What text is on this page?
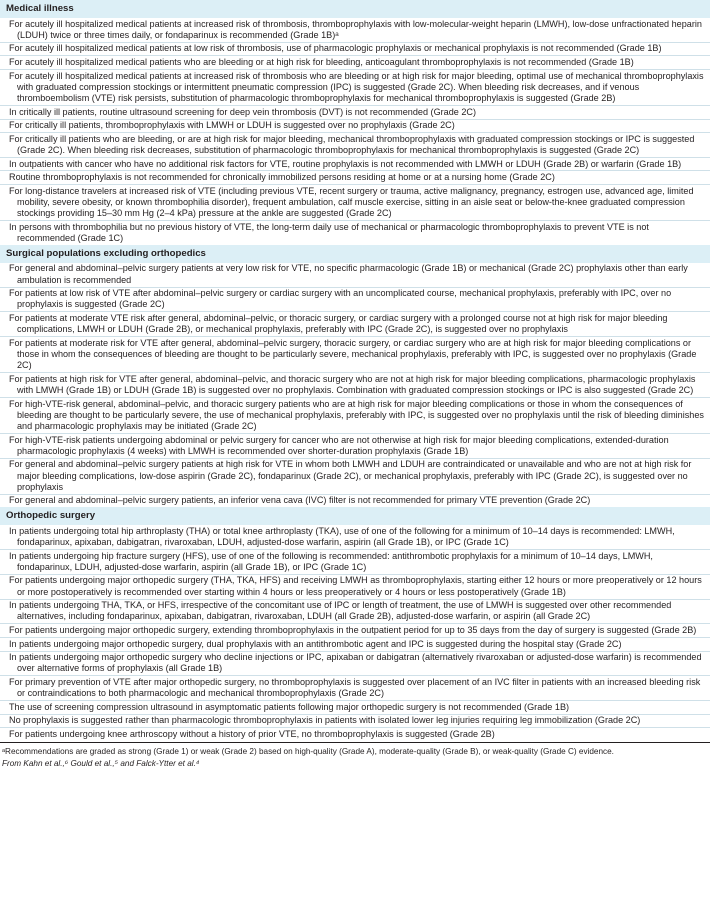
Medical illness
For acutely ill hospitalized medical patients at increased risk of thrombosis, thromboprophylaxis with low-molecular-weight heparin (LMWH), low-dose unfractionated heparin (LDUH) twice or three times daily, or fondaparinux is recommended (Grade 1B)ᵃ
For acutely ill hospitalized medical patients at low risk of thrombosis, use of pharmacologic prophylaxis or mechanical prophylaxis is not recommended (Grade 1B)
For acutely ill hospitalized medical patients who are bleeding or at high risk for bleeding, anticoagulant thromboprophylaxis is not recommended (Grade 1B)
For acutely ill hospitalized medical patients at increased risk of thrombosis who are bleeding or at high risk for major bleeding, optimal use of mechanical thromboprophylaxis with graduated compression stockings or intermittent pneumatic compression (IPC) is suggested (Grade 2C). When bleeding risk decreases, and if venous thromboembolism (VTE) risk persists, substitution of pharmacologic thromboprophylaxis for mechanical thromboprophylaxis is suggested (Grade 2B)
In critically ill patients, routine ultrasound screening for deep vein thrombosis (DVT) is not recommended (Grade 2C)
For critically ill patients, thromboprophylaxis with LMWH or LDUH is suggested over no prophylaxis (Grade 2C)
For critically ill patients who are bleeding, or are at high risk for major bleeding, mechanical thromboprophylaxis with graduated compression stockings or IPC is suggested (Grade 2C). When bleeding risk decreases, substitution of pharmacologic thromboprophylaxis for mechanical thromboprophylaxis is suggested (Grade 2C)
In outpatients with cancer who have no additional risk factors for VTE, routine prophylaxis is not recommended with LMWH or LDUH (Grade 2B) or warfarin (Grade 1B)
Routine thromboprophylaxis is not recommended for chronically immobilized persons residing at home or at a nursing home (Grade 2C)
For long-distance travelers at increased risk of VTE (including previous VTE, recent surgery or trauma, active malignancy, pregnancy, estrogen use, advanced age, limited mobility, severe obesity, or known thrombophilia disorder), frequent ambulation, calf muscle exercise, sitting in an aisle seat or below-the-knee graduated compression stockings providing 15–30 mm Hg (2–4 kPa) pressure at the ankle are suggested (Grade 2C)
In persons with thrombophilia but no previous history of VTE, the long-term daily use of mechanical or pharmacologic thromboprophylaxis to prevent VTE is not recommended (Grade 1C)
Surgical populations excluding orthopedics
For general and abdominal–pelvic surgery patients at very low risk for VTE, no specific pharmacologic (Grade 1B) or mechanical (Grade 2C) prophylaxis other than early ambulation is recommended
For patients at low risk of VTE after abdominal–pelvic surgery or cardiac surgery with an uncomplicated course, mechanical prophylaxis, preferably with IPC, over no prophylaxis is suggested (Grade 2C)
For patients at moderate VTE risk after general, abdominal–pelvic, or thoracic surgery, or cardiac surgery with a prolonged course not at high risk for major bleeding complications, LMWH or LDUH (Grade 2B), or mechanical prophylaxis, preferably with IPC (Grade 2C), is suggested over no prophylaxis
For patients at moderate risk for VTE after general, abdominal–pelvic surgery, thoracic surgery, or cardiac surgery who are at high risk for major bleeding complications or those in whom the consequences of bleeding are thought to be particularly severe, mechanical prophylaxis, preferably with IPC, is suggested over no prophylaxis (Grade 2C)
For patients at high risk for VTE after general, abdominal–pelvic, and thoracic surgery who are not at high risk for major bleeding complications, pharmacologic prophylaxis with LMWH (Grade 1B) or LDUH (Grade 1B) is suggested over no prophylaxis. Combination with graduated compression stockings or IPC is also suggested (Grade 2C)
For high-VTE-risk general, abdominal–pelvic, and thoracic surgery patients who are at high risk for major bleeding complications or those in whom the consequences of bleeding are thought to be particularly severe, the use of mechanical prophylaxis, preferably with IPC, is suggested over no prophylaxis until the risk of bleeding diminishes and pharmacologic prophylaxis may be initiated (Grade 2C)
For high-VTE-risk patients undergoing abdominal or pelvic surgery for cancer who are not otherwise at high risk for major bleeding complications, extended-duration pharmacologic prophylaxis (4 weeks) with LMWH is recommended over shorter-duration prophylaxis (Grade 1B)
For general and abdominal–pelvic surgery patients at high risk for VTE in whom both LMWH and LDUH are contraindicated or unavailable and who are not at high risk for major bleeding complications, low-dose aspirin (Grade 2C), fondaparinux (Grade 2C), or mechanical prophylaxis, preferably with IPC (Grade 2C), is suggested over no prophylaxis
For general and abdominal–pelvic surgery patients, an inferior vena cava (IVC) filter is not recommended for primary VTE prevention (Grade 2C)
Orthopedic surgery
In patients undergoing total hip arthroplasty (THA) or total knee arthroplasty (TKA), use of one of the following for a minimum of 10–14 days is recommended: LMWH, fondaparinux, apixaban, dabigatran, rivaroxaban, LDUH, adjusted-dose warfarin, aspirin (all Grade 1B), or IPC (Grade 1C)
In patients undergoing hip fracture surgery (HFS), use of one of the following is recommended: antithrombotic prophylaxis for a minimum of 10–14 days, LMWH, fondaparinux, LDUH, adjusted-dose warfarin, aspirin (all Grade 1B), or IPC (Grade 1C)
For patients undergoing major orthopedic surgery (THA, TKA, HFS) and receiving LMWH as thromboprophylaxis, starting either 12 hours or more preoperatively or 12 hours or more postoperatively is recommended over starting within 4 hours or less preoperatively or 4 hours or less postoperatively (Grade 1B)
In patients undergoing THA, TKA, or HFS, irrespective of the concomitant use of IPC or length of treatment, the use of LMWH is suggested over other recommended alternatives, including fondaparinux, apixaban, dabigatran, rivaroxaban, LDUH (all Grade 2B), adjusted-dose warfarin, or aspirin (all Grade 2C)
For patients undergoing major orthopedic surgery, extending thromboprophylaxis in the outpatient period for up to 35 days from the day of surgery is suggested (Grade 2B)
In patients undergoing major orthopedic surgery, dual prophylaxis with an antithrombotic agent and IPC is suggested during the hospital stay (Grade 2C)
In patients undergoing major orthopedic surgery who decline injections or IPC, apixaban or dabigatran (alternatively rivaroxaban or adjusted-dose warfarin) is recommended over alternative forms of prophylaxis (all Grade 1B)
For primary prevention of VTE after major orthopedic surgery, no thromboprophylaxis is suggested over placement of an IVC filter in patients with an increased bleeding risk or contraindications to both pharmacologic and mechanical thromboprophylaxis (Grade 2C)
The use of screening compression ultrasound in asymptomatic patients following major orthopedic surgery is not recommended (Grade 1B)
No prophylaxis is suggested rather than pharmacologic thromboprophylaxis in patients with isolated lower leg injuries requiring leg immobilization (Grade 2C)
For patients undergoing knee arthroscopy without a history of prior VTE, no thromboprophylaxis is suggested (Grade 2B)
ᵃRecommendations are graded as strong (Grade 1) or weak (Grade 2) based on high-quality (Grade A), moderate-quality (Grade B), or weak-quality (Grade C) evidence.
From Kahn et al.,⁶ Gould et al.,⁵ and Falck-Ytter et al.⁴
